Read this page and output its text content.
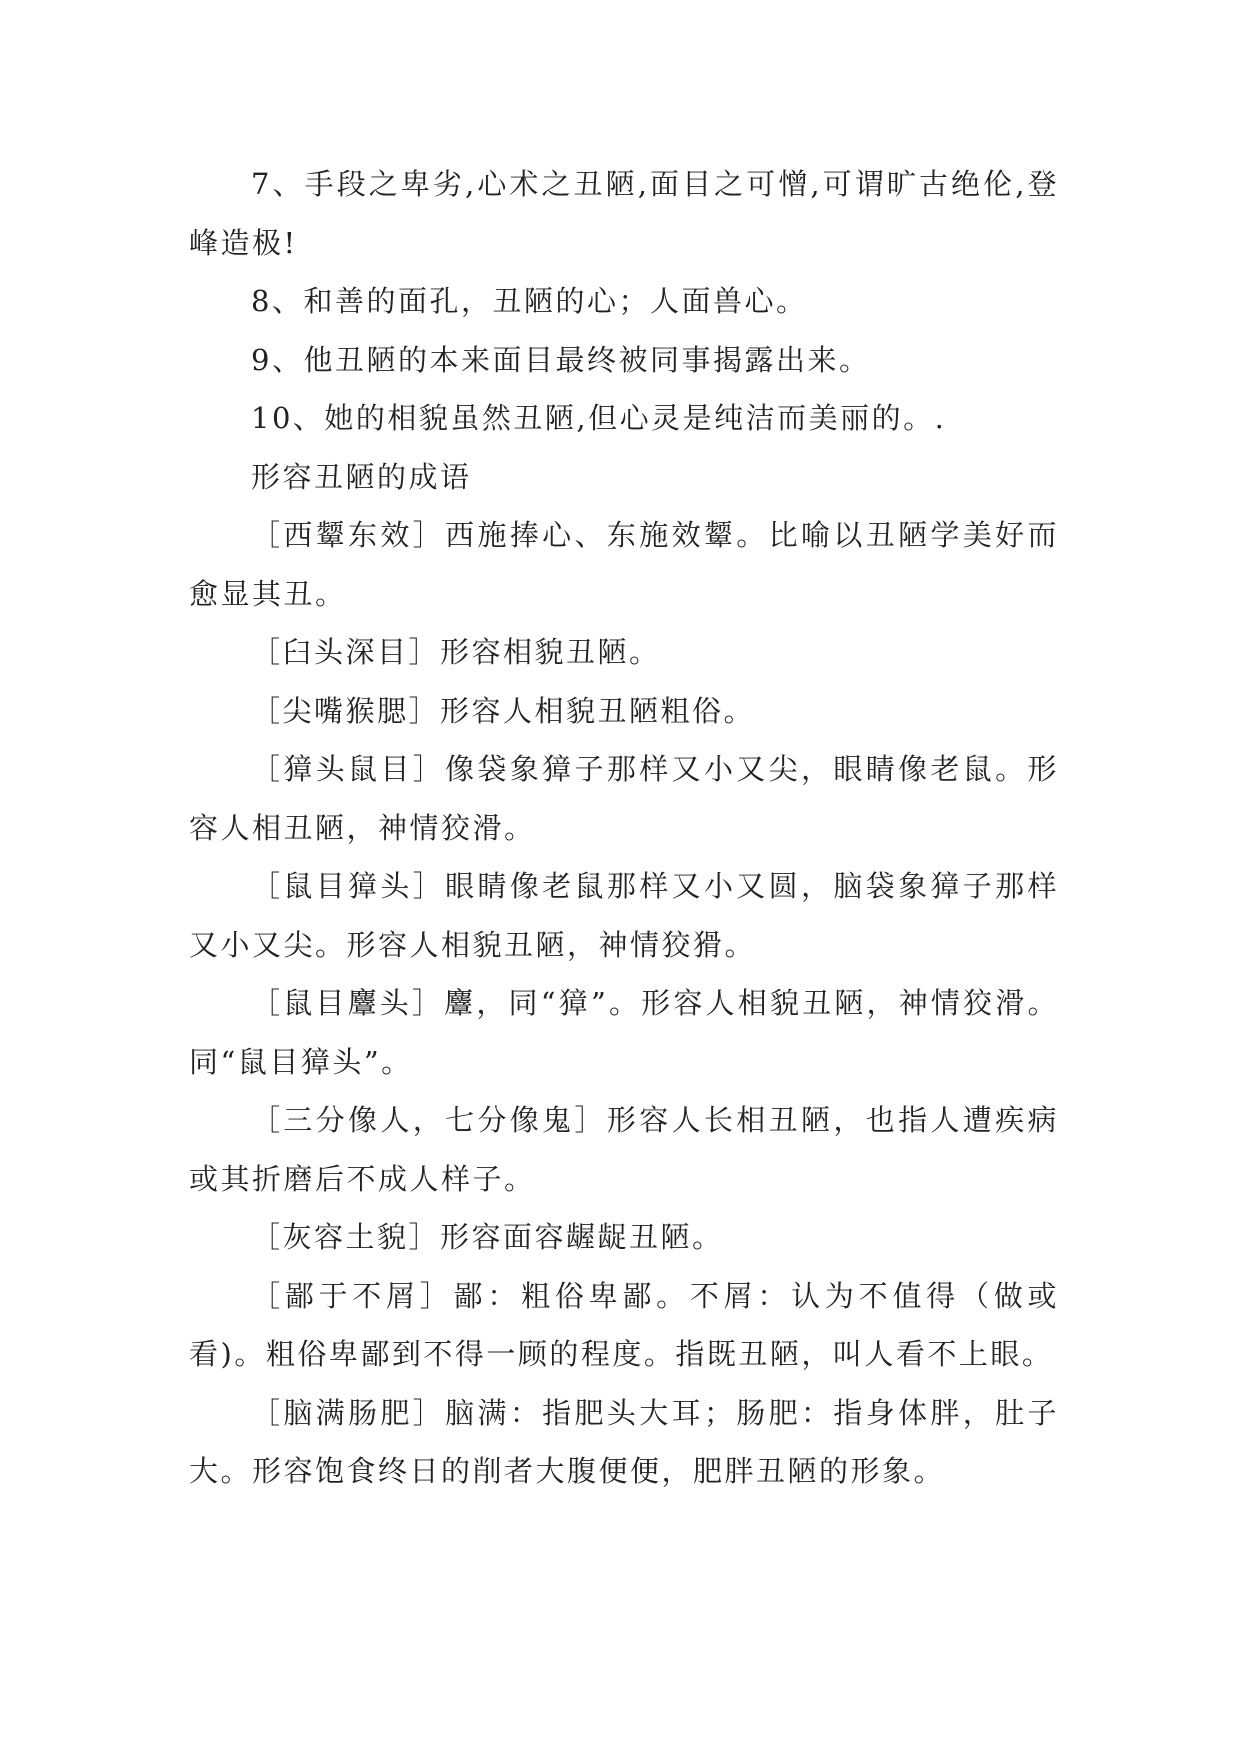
7、手段之卑劣,心术之丑陋,面目之可憎,可谓旷古绝伦,登峰造极!

8、和善的面孔，丑陋的心；人面兽心。

9、他丑陋的本来面目最终被同事揭露出来。

10、她的相貌虽然丑陋,但心灵是纯洁而美丽的。.

形容丑陋的成语

［西颦东效］西施捧心、东施效颦。比喻以丑陋学美好而愈显其丑。

［臼头深目］形容相貌丑陋。

［尖嘴猴腮］形容人相貌丑陋粗俗。

［獐头鼠目］像袋象獐子那样又小又尖，眼睛像老鼠。形容人相丑陋，神情狡滑。

［鼠目獐头］眼睛像老鼠那样又小又圆，脑袋象獐子那样又小又尖。形容人相貌丑陋，神情狡猾。

［鼠目麞头］麞，同“獐”。形容人相貌丑陋，神情狡滑。同“鼠目獐头”。

［三分像人，七分像鬼］形容人长相丑陋，也指人遭疾病或其折磨后不成人样子。

［灰容土貌］形容面容龌龊丑陋。

［鄙于不屑］鄙：粗俗卑鄙。不屑：认为不值得（做或看)。粗俗卑鄙到不得一顾的程度。指既丑陋，叫人看不上眼。

［脑满肠肥］脑满：指肥头大耳；肠肥：指身体胖，肚子大。形容饱食终日的削者大腹便便，肥胖丑陋的形象。
